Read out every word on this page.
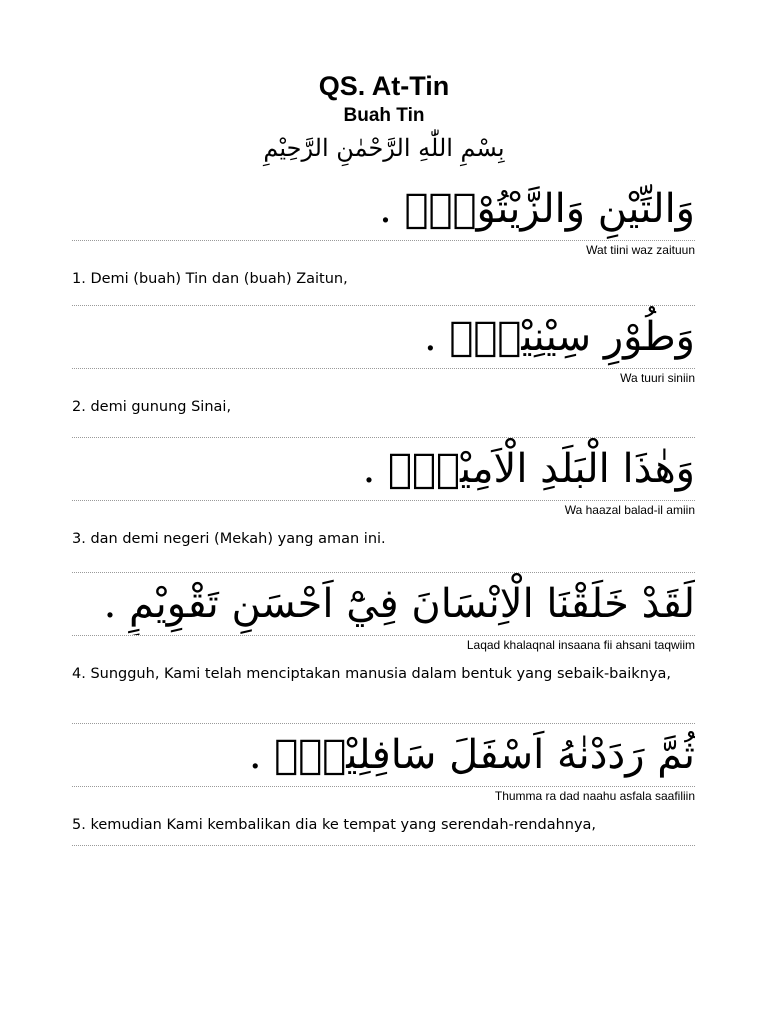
QS. At-Tin
Buah Tin
بِسْمِ اللّٰهِ الرَّحْمٰنِ الرَّحِيْمِ
وَالتِّيْنِ وَالزَّيْتُوْنِۙ .
Wat tiini waz zaituun
1. Demi (buah) Tin dan (buah) Zaitun,
وَطُوْرِ سِيْنِيْنَۙ .
Wa tuuri siniin
2. demi gunung Sinai,
وَهٰذَا الْبَلَدِ الْاَمِيْنِۙ .
Wa haazal balad-il amiin
3. dan demi negeri (Mekah) yang aman ini.
لَقَدْ خَلَقْنَا الْاِنْسَانَ فِيْٓ اَحْسَنِ تَقْوِيْمٍ .
Laqad khalaqnal insaana fii ahsani taqwiim
4. Sungguh, Kami telah menciptakan manusia dalam bentuk yang sebaik-baiknya,
ثُمَّ رَدَدْنٰهُ اَسْفَلَ سَافِلِيْنَۙ .
Thumma ra dad naahu asfala saafiliin
5. kemudian Kami kembalikan dia ke tempat yang serendah-rendahnya,
